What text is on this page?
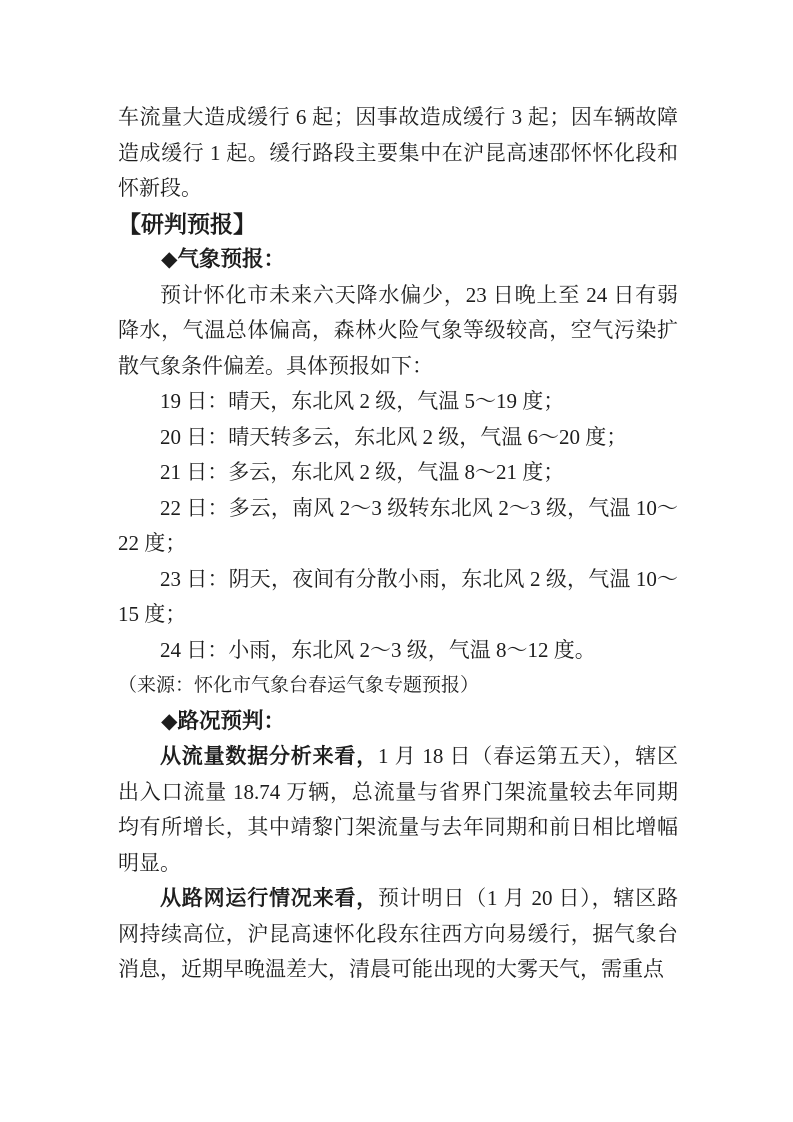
车流量大造成缓行 6 起；因事故造成缓行 3 起；因车辆故障造成缓行 1 起。缓行路段主要集中在沪昆高速邵怀怀化段和怀新段。

【研判预报】

◆气象预报：

预计怀化市未来六天降水偏少，23 日晚上至 24 日有弱降水，气温总体偏高，森林火险气象等级较高，空气污染扩散气象条件偏差。具体预报如下：

19 日：晴天，东北风 2 级，气温 5～19 度；

20 日：晴天转多云，东北风 2 级，气温 6～20 度；

21 日：多云，东北风 2 级，气温 8～21 度；

22 日：多云，南风 2～3 级转东北风 2～3 级，气温 10～22 度；

23 日：阴天，夜间有分散小雨，东北风 2 级，气温 10～15 度；

24 日：小雨，东北风 2～3 级，气温 8～12 度。

（来源：怀化市气象台春运气象专题预报）

◆路况预判：

从流量数据分析来看，1 月 18 日（春运第五天），辖区出入口流量 18.74 万辆，总流量与省界门架流量较去年同期均有所增长，其中靖黎门架流量与去年同期和前日相比增幅明显。

从路网运行情况来看，预计明日（1 月 20 日），辖区路网持续高位，沪昆高速怀化段东往西方向易缓行，据气象台消息，近期早晚温差大，清晨可能出现的大雾天气，需重点
